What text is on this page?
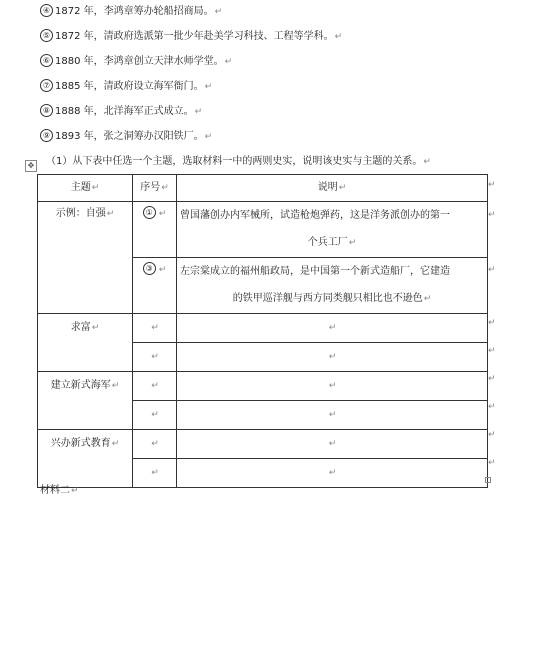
④ 1872 年，李鸿章筹办轮船招商局。↵
⑤ 1872 年，清政府选派第一批少年赴美学习科技、工程等学科。↵
⑥ 1880 年，李鸿章创立天津水师学堂。↵
⑦ 1885 年，清政府设立海军衙门。↵
⑧ 1888 年，北洋海军正式成立。↵
⑨ 1893 年，张之洞筹办汉阳铁厂。↵
✥ （1）从下表中任选一个主题，选取材料一中的两则史实，说明该史实与主题的关系。↵
主题↵	序号↵	说明↵
示例：自强↵	① ↵	曾国藩创办内军械所，试造枪炮弹药，这是洋务派创办的第一
个兵工厂↵

	③ ↵	左宗棠成立的福州船政局，是中国第一个新式造船厂，它建造
的铁甲巡洋舰与西方同类舰只相比也不逊色↵

求富↵	↵	↵
	↵	↵
建立新式海军↵	↵	↵
	↵	↵
兴办新式教育↵	↵	↵
	↵	↵
↵
↵
↵
↵
↵
↵
↵
↵
↵
材料二↵
